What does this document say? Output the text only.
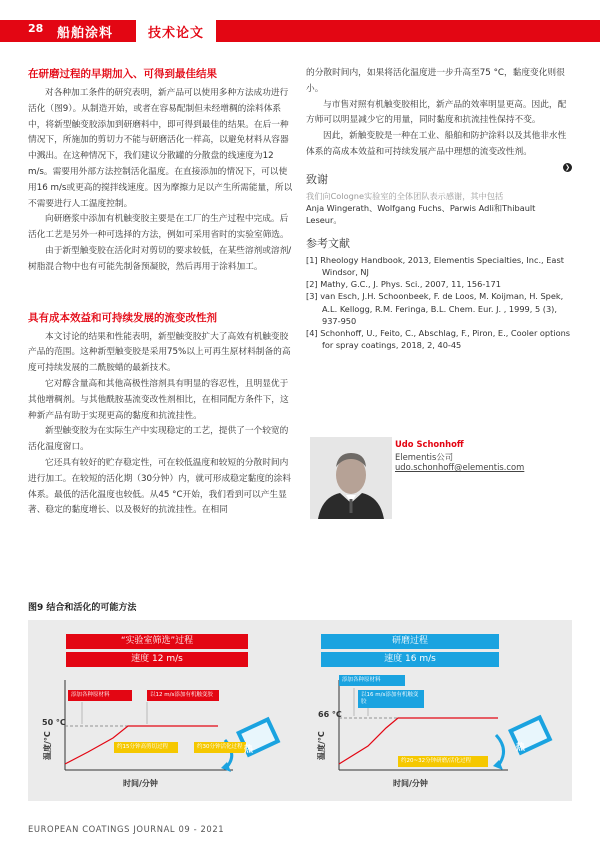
28 船舶涂料	技术论文
在研磨过程的早期加入、可得到最佳结果

对各种加工条件的研究表明，新产品可以使用多种方法成功进行活化（图9）。从制造开始，或者在容易配制但未经增稠的涂料体系中，将新型触变胶添加到研磨料中，即可得到最佳的结果。在后一种情况下，所施加的剪切力不能与研磨活化一样高，以避免材料从容器中溅出。在这种情况下，我们建议分散罐的分散盘的线速度为12 m/s。需要用外部方法控制活化温度。在直接添加的情况下，可以使用16 m/s或更高的搅拌线速度。因为摩擦力足以产生所需能量，所以不需要进行人工温度控制。

向研磨浆中添加有机触变胶主要是在工厂的生产过程中完成。后活化工艺是另外一种可选择的方法，例如可采用省时的实验室筛选。

由于新型触变胶在活化时对剪切的要求较低，在某些溶剂或溶剂/树脂混合物中也有可能先制备预凝胶，然后再用于涂料加工。

具有成本效益和可持续发展的流变改性剂

本文讨论的结果和性能表明，新型触变胶扩大了高效有机触变胶产品的范围。这种新型触变胶是采用75%以上可再生原材料制备的高度可持续发展的二酰胺蜡的最新技术。

它对醇含量高和其他高极性溶剂具有明显的容忍性，且明显优于其他增稠剂。与其他酰胺基流变改性剂相比，在相同配方条件下，这种新产品有助于实现更高的黏度和抗流挂性。

新型触变胶为在实际生产中实现稳定的工艺，提供了一个较宽的活化温度窗口。

它还具有较好的贮存稳定性，可在较低温度和较短的分散时间内进行加工。在较短的活化期（30分钟）内，就可形成稳定黏度的涂料体系。最低的活化温度也较低。从45 °C开始，我们看到可以产生显著、稳定的黏度增长、以及极好的抗流挂性。在相同

的分散时间内，如果将活化温度进一步升高至75 °C，黏度变化则很小。

与市售对照有机触变胶相比，新产品的效率明显更高。因此，配方师可以明显减少它的用量，同时黏度和抗流挂性保持不变。

因此，新触变胶是一种在工业、船舶和防护涂料以及其他非水性体系的高成本效益和可持续发展产品中理想的流变改性剂。

❯
致谢
我们向Cologne实验室的全体团队表示感谢，其中包括
Anja Wingerath、Wolfgang Fuchs、Parwis Adli和Thibault Leseur。
参考文献
[1] Rheology Handbook, 2013, Elementis Specialties, Inc., East Windsor, NJ
[2] Mathy, G.C., J. Phys. Sci., 2007, 11, 156-171
[3] van Esch, J.H. Schoonbeek, F. de Loos, M. Koijman, H. Spek, A.L. Kellogg, R.M. Feringa, B.L. Chem. Eur. J. , 1999, 5 (3), 937-950
[4] Schonhoff, U., Feito, C., Abschlag, F., Piron, E., Cooler options for spray coatings, 2018, 2, 40-45
Udo Schonhoff
Elementis公司
udo.schonhoff@elementis.com
图9 结合和活化的可能方法
“实验室筛选”过程
速度 12 m/s
添加各种原材料	以12 m/s添加有机触变胶
50 °C
温度/°C	约15分钟高剪切过程	约30分钟活化过程
时间/分钟
研磨过程
速度 16 m/s
添加各种原材料
以16 m/s添加有机触变胶
66 °C
温度/°C
约20~32分钟研磨/活化过程
时间/分钟
热	热
EUROPEAN COATINGS JOURNAL 09 - 2021
